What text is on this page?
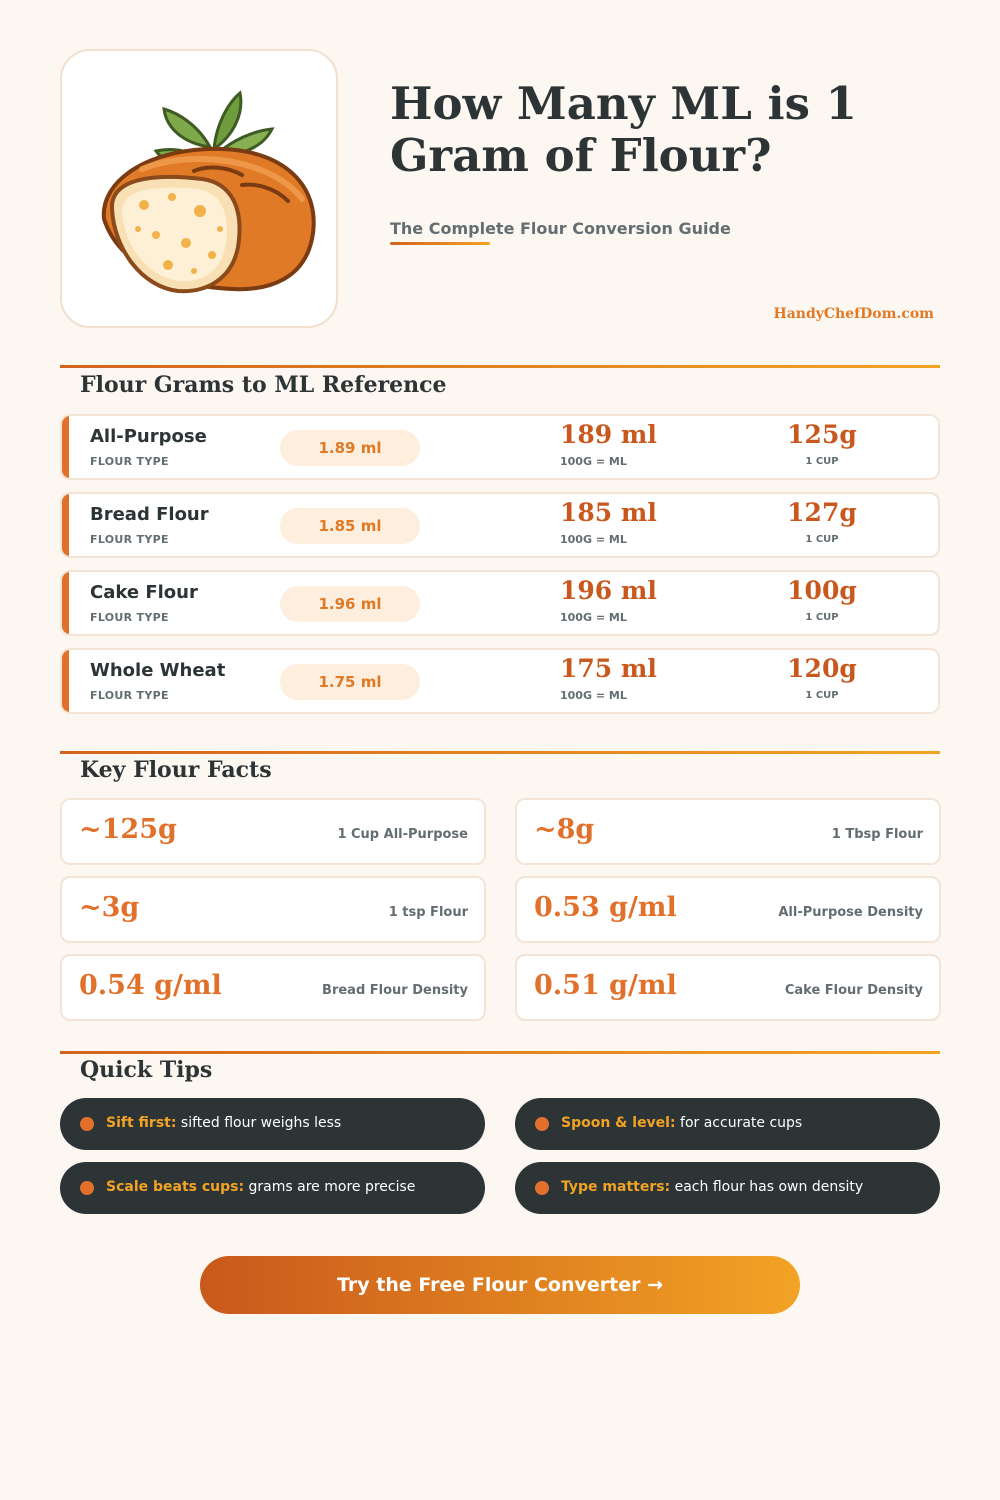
How Many ML is 1 Gram of Flour?
The Complete Flour Conversion Guide
HandyChefDom.com
Flour Grams to ML Reference
All-Purpose
FLOUR TYPE
1.89 ml	189 ml
100G = ML
125g
1 CUP
Bread Flour
FLOUR TYPE
1.85 ml	185 ml
100G = ML
127g
1 CUP
Cake Flour
FLOUR TYPE
1.96 ml	196 ml
100G = ML
100g
1 CUP
Whole Wheat
FLOUR TYPE
1.75 ml	175 ml
100G = ML
120g
1 CUP
Key Flour Facts
~125g	1 Cup All-Purpose ~8g	1 Tbsp Flour
~3g	1 tsp Flour 0.53 g/ml	All-Purpose Density
0.54 g/ml	Bread Flour Density 0.51 g/ml	Cake Flour Density
Quick Tips
Sift first: sifted flour weighs less	Spoon & level: for accurate cups
Scale beats cups: grams are more precise	Type matters: each flour has own density
Try the Free Flour Converter →
